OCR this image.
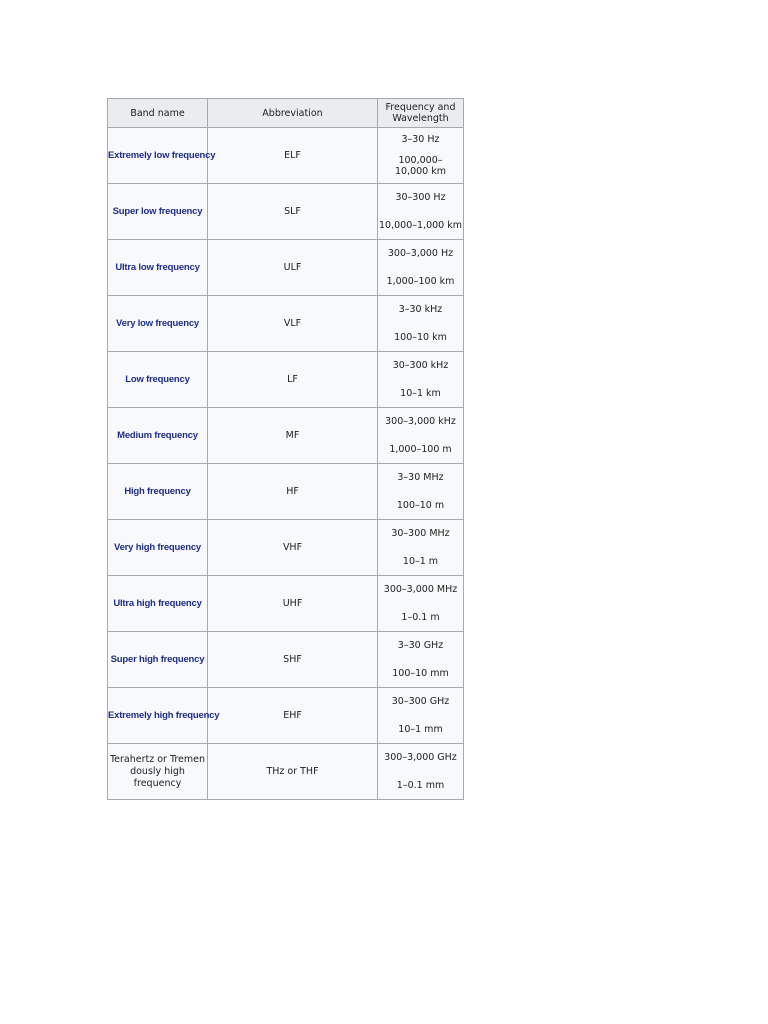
Band name	Abbreviation	Frequency and
Wavelength

Extremely low frequency	ELF	3–30 Hz
100,000–
10,000 km

Super low frequency	SLF	30–300 Hz
10,000–1,000 km

Ultra low frequency	ULF	300–3,000 Hz
1,000–100 km

Very low frequency	VLF	3–30 kHz
100–10 km

Low frequency	LF	30–300 kHz
10–1 km

Medium frequency	MF	300–3,000 kHz
1,000–100 m

High frequency	HF	3–30 MHz
100–10 m

Very high frequency	VHF	30–300 MHz
10–1 m

Ultra high frequency	UHF	300–3,000 MHz
1–0.1 m

Super high frequency	SHF	3–30 GHz
100–10 mm

Extremely high frequency	EHF	30–300 GHz
10–1 mm

Terahertz or Tremen
dously high
frequency	THz or THF	300–3,000 GHz
1–0.1 mm
